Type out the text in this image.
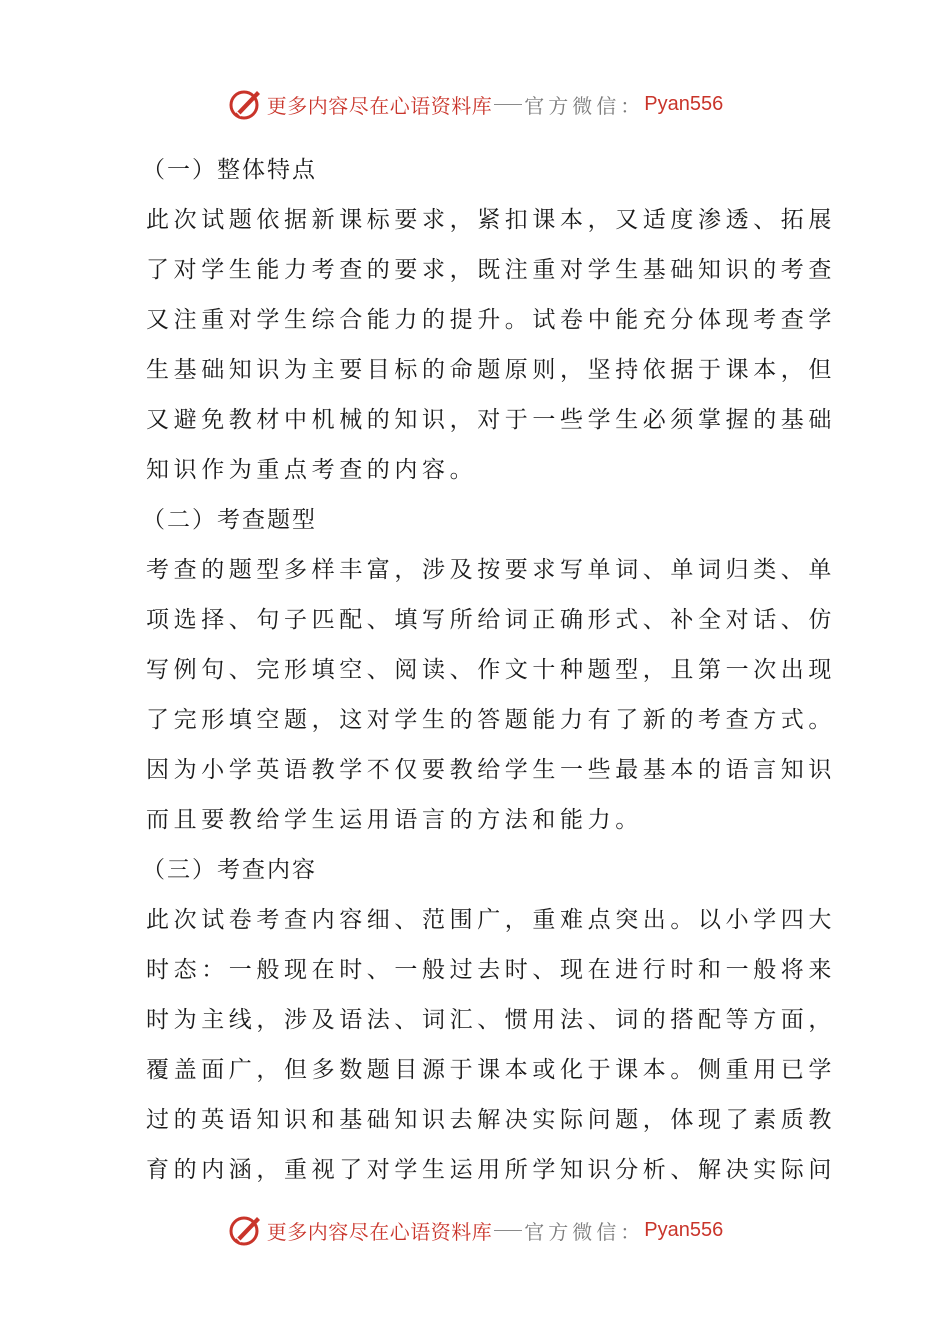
更多内容尽在心语资料库 官方微信： Pyan556
（一）整体特点
此次试题依据新课标要求，紧扣课本，又适度渗透、拓展
了对学生能力考查的要求，既注重对学生基础知识的考查
又注重对学生综合能力的提升。试卷中能充分体现考查学
生基础知识为主要目标的命题原则，坚持依据于课本，但
又避免教材中机械的知识，对于一些学生必须掌握的基础
知识作为重点考查的内容。
（二）考查题型
考查的题型多样丰富，涉及按要求写单词、单词归类、单
项选择、句子匹配、填写所给词正确形式、补全对话、仿
写例句、完形填空、阅读、作文十种题型，且第一次出现
了完形填空题，这对学生的答题能力有了新的考查方式。
因为小学英语教学不仅要教给学生一些最基本的语言知识
而且要教给学生运用语言的方法和能力。
（三）考查内容
此次试卷考查内容细、范围广，重难点突出。以小学四大
时态：一般现在时、一般过去时、现在进行时和一般将来
时为主线，涉及语法、词汇、惯用法、词的搭配等方面，
覆盖面广，但多数题目源于课本或化于课本。侧重用已学
过的英语知识和基础知识去解决实际问题，体现了素质教
育的内涵，重视了对学生运用所学知识分析、解决实际问
更多内容尽在心语资料库 官方微信： Pyan556
